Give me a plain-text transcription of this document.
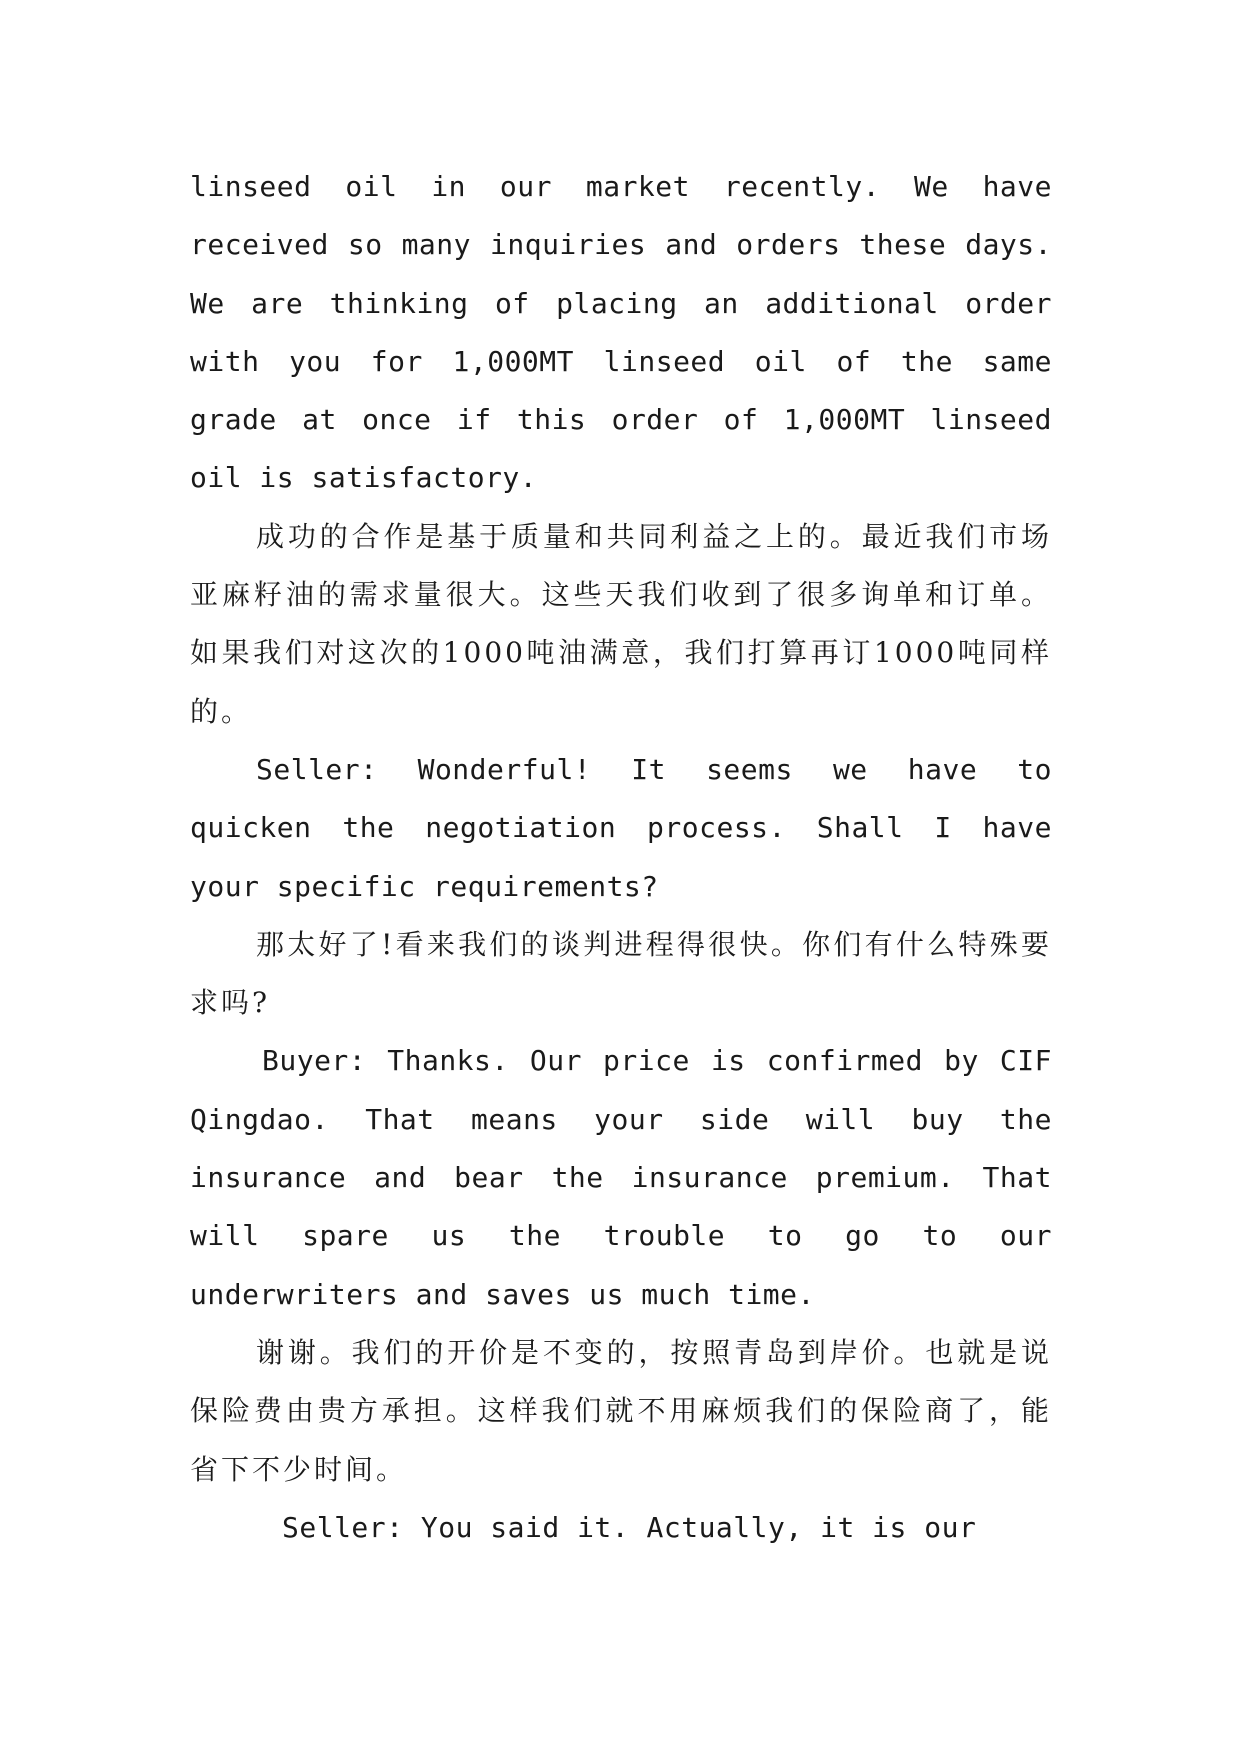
linseed oil in our market recently. We have received so many inquiries and orders these days. We are thinking of placing an additional order with you for 1,000MT linseed oil of the same grade at once if this order of 1,000MT linseed oil is satisfactory.

成功的合作是基于质量和共同利益之上的。最近我们市场亚麻籽油的需求量很大。这些天我们收到了很多询单和订单。如果我们对这次的1000吨油满意，我们打算再订1000吨同样的。

Seller: Wonderful! It seems we have to quicken the negotiation process. Shall I have your specific requirements?

那太好了!看来我们的谈判进程得很快。你们有什么特殊要求吗?

Buyer: Thanks. Our price is confirmed by CIF Qingdao. That means your side will buy the insurance and bear the insurance premium. That will spare us the trouble to go to our underwriters and saves us much time.

谢谢。我们的开价是不变的，按照青岛到岸价。也就是说保险费由贵方承担。这样我们就不用麻烦我们的保险商了，能省下不少时间。

Seller: You said it. Actually, it is our
